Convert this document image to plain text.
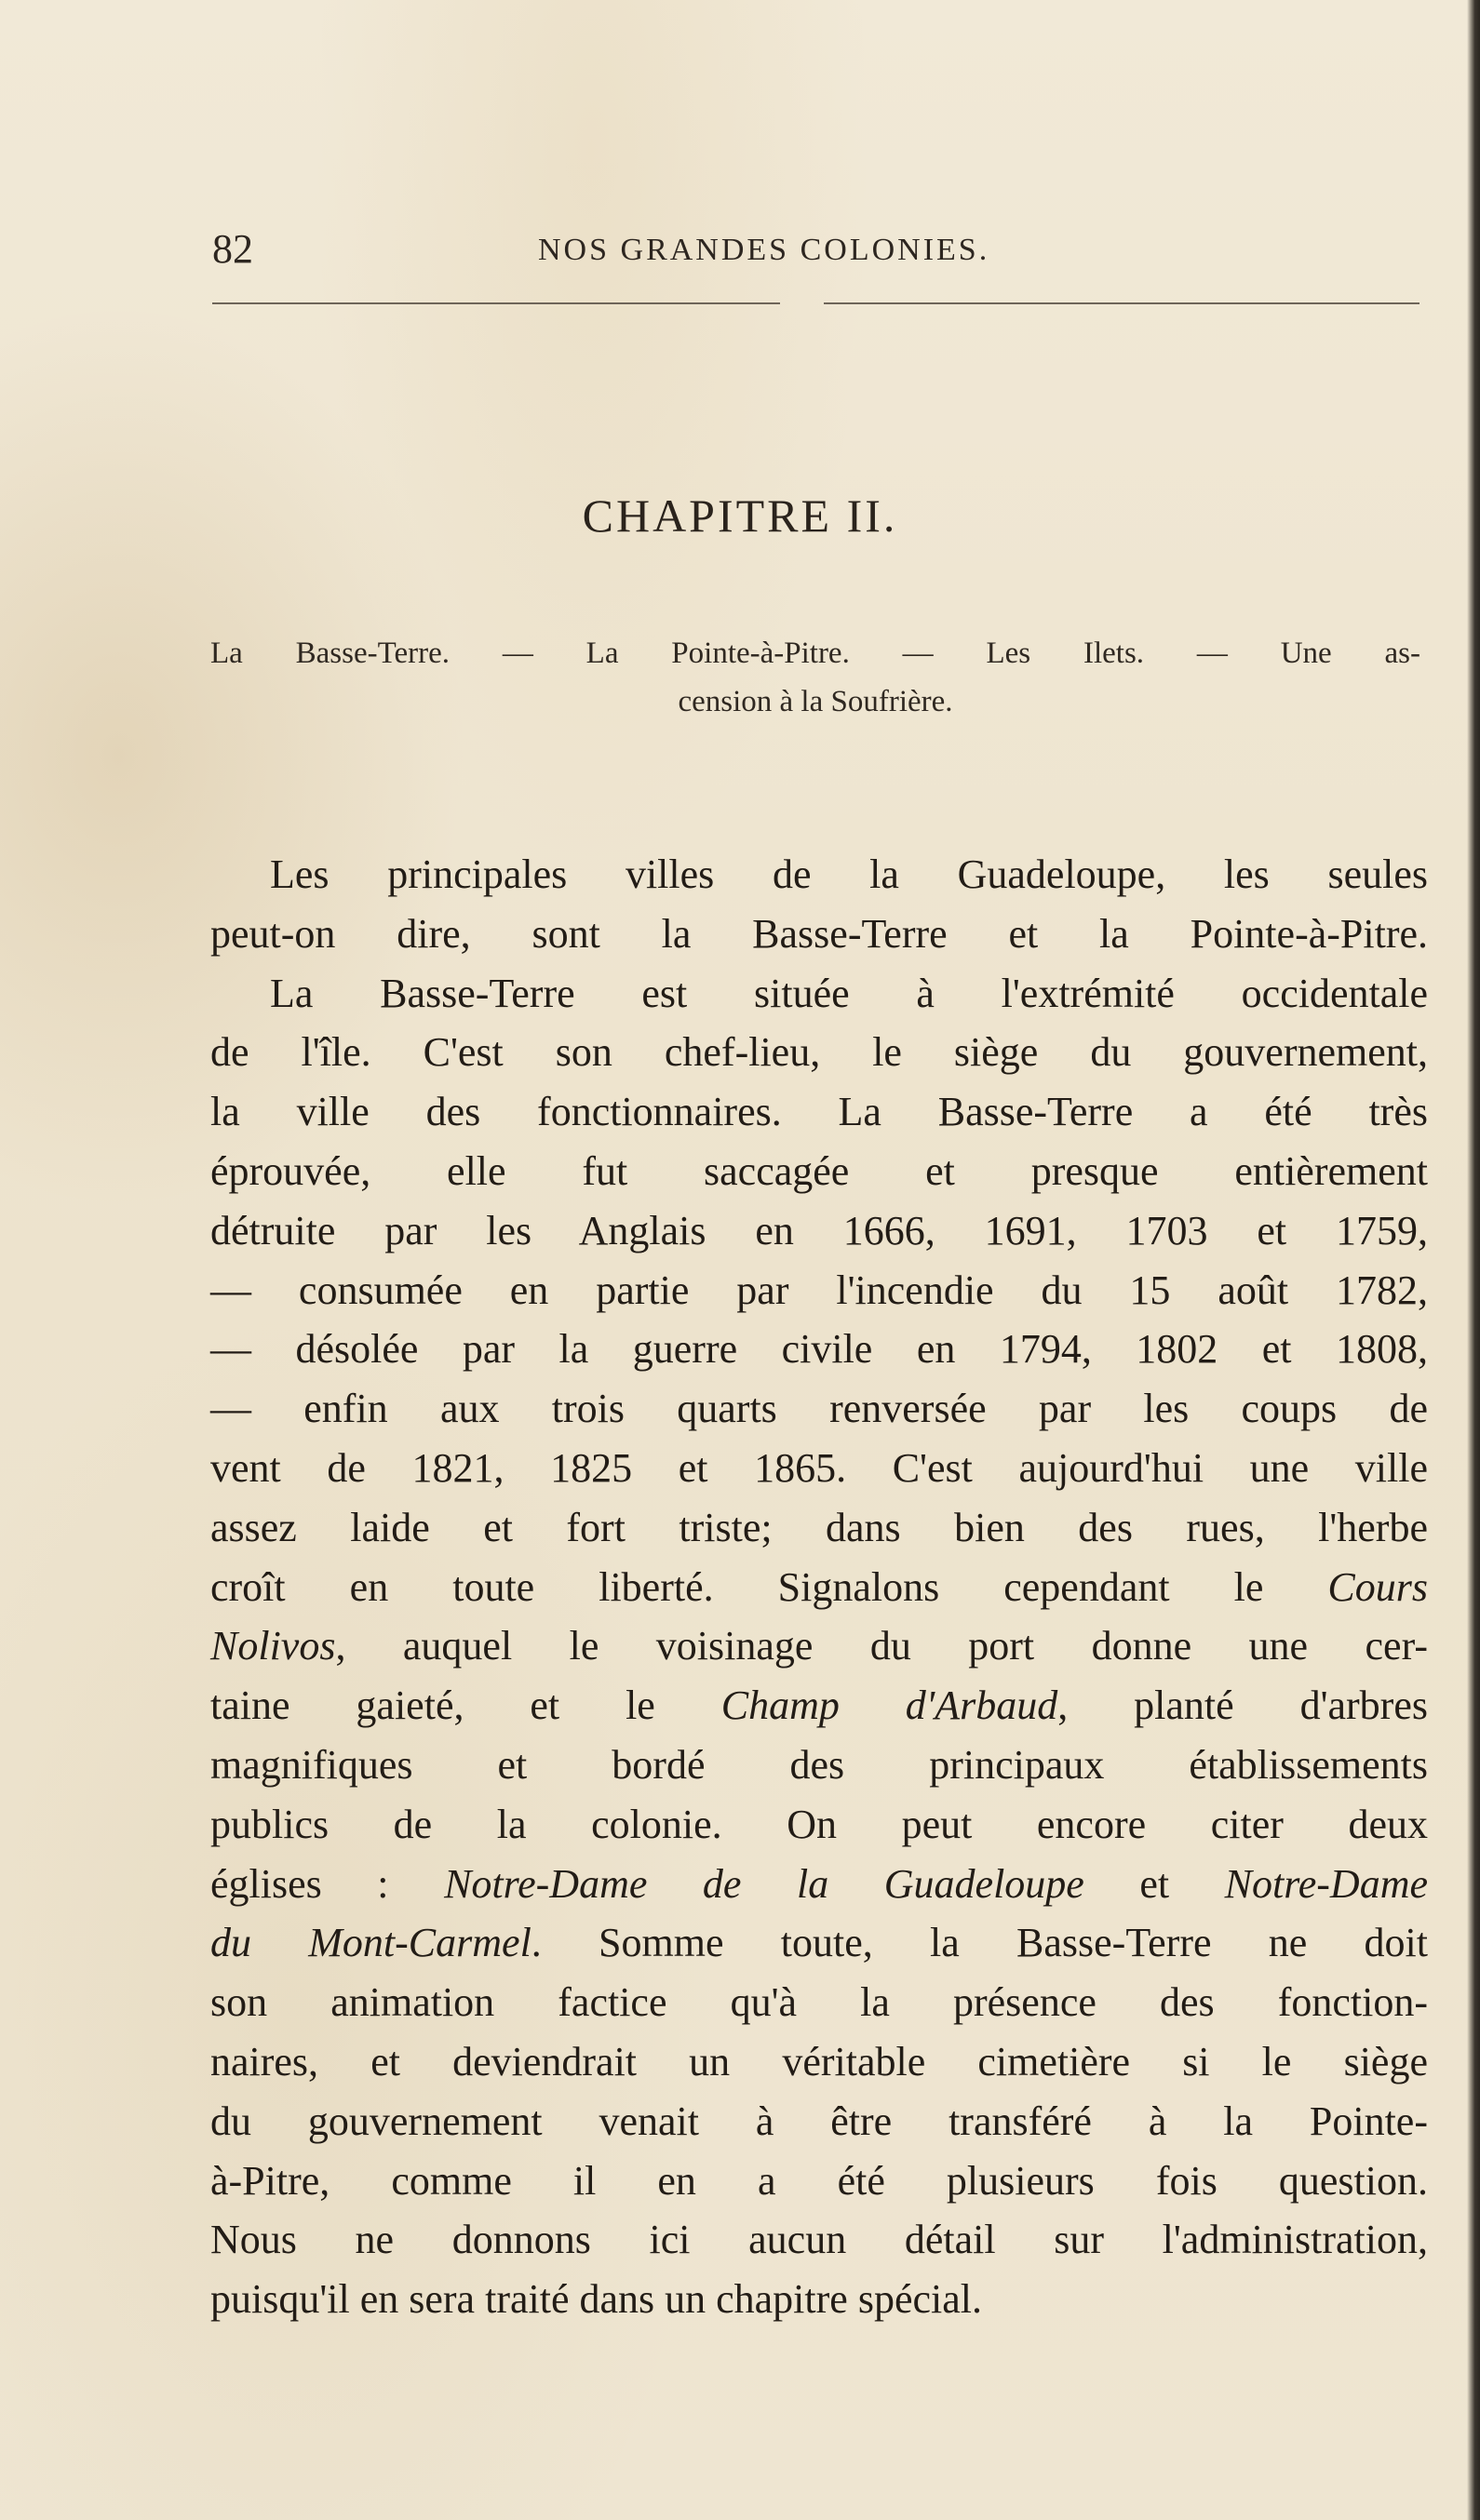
82	NOS GRANDES COLONIES.
CHAPITRE II.
La Basse-Terre. — La Pointe-à-Pitre. — Les Ilets. — Une as-
cension à la Soufrière.
Les principales villes de la Guadeloupe, les seules
peut-on dire, sont la Basse-Terre et la Pointe-à-Pitre.
La Basse-Terre est située à l'extrémité occidentale
de l'île. C'est son chef-lieu, le siège du gouvernement,
la ville des fonctionnaires. La Basse-Terre a été très
éprouvée, elle fut saccagée et presque entièrement
détruite par les Anglais en 1666, 1691, 1703 et 1759,
— consumée en partie par l'incendie du 15 août 1782,
— désolée par la guerre civile en 1794, 1802 et 1808,
— enfin aux trois quarts renversée par les coups de
vent de 1821, 1825 et 1865. C'est aujourd'hui une ville
assez laide et fort triste; dans bien des rues, l'herbe
croît en toute liberté. Signalons cependant le Cours
Nolivos, auquel le voisinage du port donne une cer-
taine gaieté, et le Champ d'Arbaud, planté d'arbres
magnifiques et bordé des principaux établissements
publics de la colonie. On peut encore citer deux
églises : Notre-Dame de la Guadeloupe et Notre-Dame
du Mont-Carmel. Somme toute, la Basse-Terre ne doit
son animation factice qu'à la présence des fonction-
naires, et deviendrait un véritable cimetière si le siège
du gouvernement venait à être transféré à la Pointe-
à-Pitre, comme il en a été plusieurs fois question.
Nous ne donnons ici aucun détail sur l'administration,
puisqu'il en sera traité dans un chapitre spécial.
